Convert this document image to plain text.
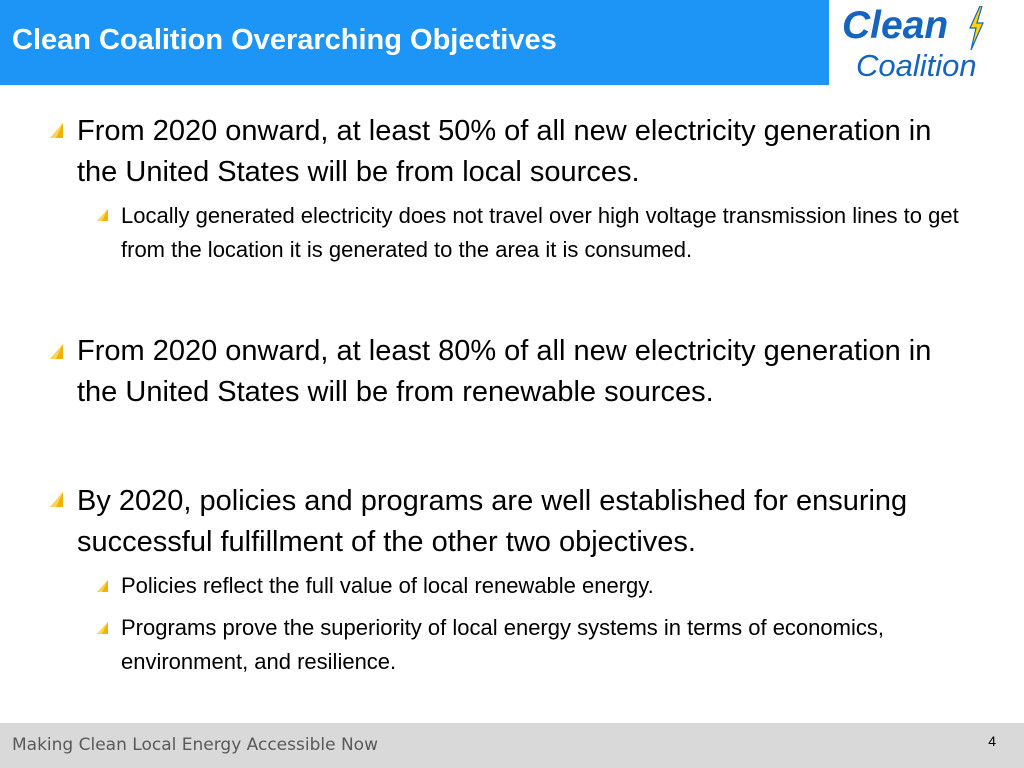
Clean Coalition Overarching Objectives	Clean
Coalition
From 2020 onward, at least 50% of all new electricity generation in the United States will be from local sources.
Locally generated electricity does not travel over high voltage transmission lines to get from the location it is generated to the area it is consumed.
From 2020 onward, at least 80% of all new electricity generation in the United States will be from renewable sources.
By 2020, policies and programs are well established for ensuring successful fulfillment of the other two objectives.
Policies reflect the full value of local renewable energy.
Programs prove the superiority of local energy systems in terms of economics, environment, and resilience.
Making Clean Local Energy Accessible Now	4
